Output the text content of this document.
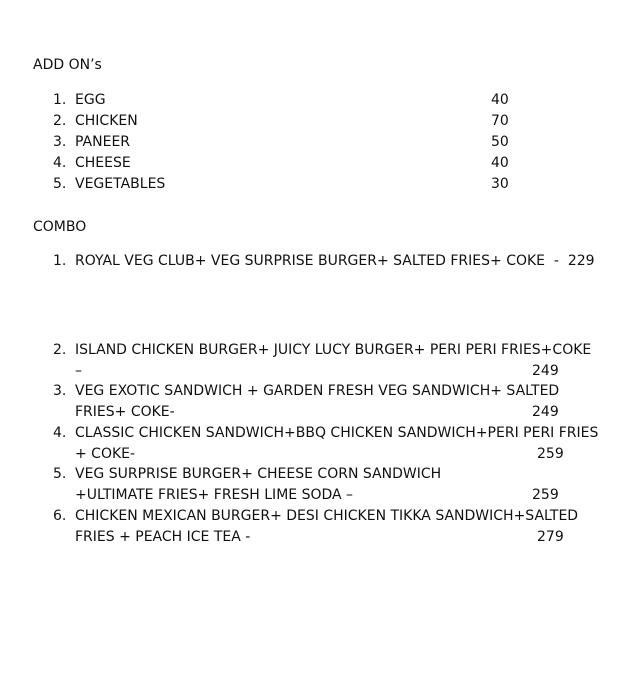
ADD ON’s
1. EGG	40
2. CHICKEN	70
3. PANEER	50
4. CHEESE	40
5. VEGETABLES	30
COMBO
1. ROYAL VEG CLUB+ VEG SURPRISE BURGER+ SALTED FRIES+ COKE  -  229
2. ISLAND CHICKEN BURGER+ JUICY LUCY BURGER+ PERI PERI FRIES+COKE
–	249
3. VEG EXOTIC SANDWICH + GARDEN FRESH VEG SANDWICH+ SALTED
FRIES+ COKE-	249
4. CLASSIC CHICKEN SANDWICH+BBQ CHICKEN SANDWICH+PERI PERI FRIES
+ COKE-	259
5. VEG SURPRISE BURGER+ CHEESE CORN SANDWICH
+ULTIMATE FRIES+ FRESH LIME SODA –	259
6. CHICKEN MEXICAN BURGER+ DESI CHICKEN TIKKA SANDWICH+SALTED
FRIES + PEACH ICE TEA -	279
